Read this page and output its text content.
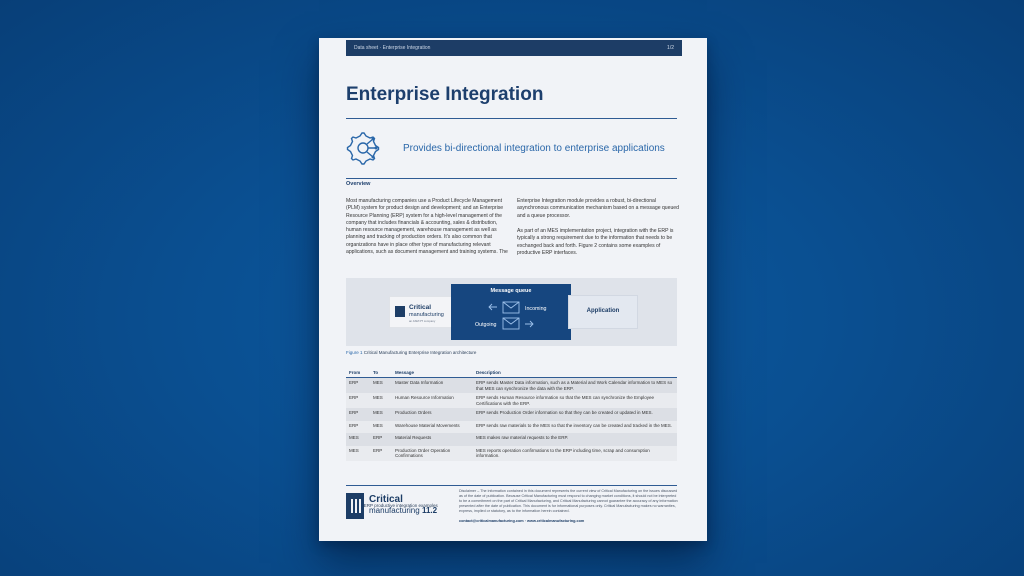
Data sheet · Enterprise Integration	1/2
Enterprise Integration
Provides bi-directional integration to enterprise applications
Overview
Most manufacturing companies use a Product Lifecycle Management (PLM) system for product design and development; and an Enterprise Resource Planning (ERP) system for a high-level management of the company that includes financials & accounting, sales & distribution, human resource management, warehouse management as well as planning and tracking of production orders. It's also common that organizations have in place other type of manufacturing relevant applications, such as document management and training systems. The
Enterprise Integration module provides a robust, bi-directional asynchronous communication mechanism based on a message queued and a queue processor.
As part of an MES implementation project, integration with the ERP is typically a strong requirement due to the information that needs to be exchanged back and forth. Figure 2 contains some examples of productive ERP interfaces.
Critical
manufacturing
an ASM PT company
Message queue
Incoming
Outgoing
Application
Figure 1 Critical Manufacturing Enterprise Integration architecture
From	To	Message	Description
ERP	MES	Master Data Information	ERP sends Master Data information, such as a Material and Work Calendar information to MES so that MES can synchronize the data with the ERP.
ERP	MES	Human Resource Information	ERP sends Human Resource information so that the MES can synchronize the Employee Certifications with the ERP.
ERP	MES	Production Orders	ERP sends Production Order information so that they can be created or updated in MES.
ERP	MES	Warehouse Material Movements	ERP sends raw materials to the MES so that the inventory can be created and tracked in the MES.
MES	ERP	Material Requests	MES makes raw material requests to the ERP.
MES	ERP	Production Order Operation Confirmations	MES reports operation confirmations to the ERP including time, scrap and consumption information.
ERP productive integration examples
Critical
manufacturing 11.2
Disclaimer – The information contained in this document represents the current view of Critical Manufacturing on the issues discussed as of the date of publication. Because Critical Manufacturing must respond to changing market conditions, it should not be interpreted to be a commitment on the part of Critical Manufacturing, and Critical Manufacturing cannot guarantee the accuracy of any information presented after the date of publication. This document is for informational purposes only. Critical Manufacturing makes no warranties, express, implied or statutory, as to the information herein contained.
contact@criticalmanufacturing.com · www.criticalmanufacturing.com
